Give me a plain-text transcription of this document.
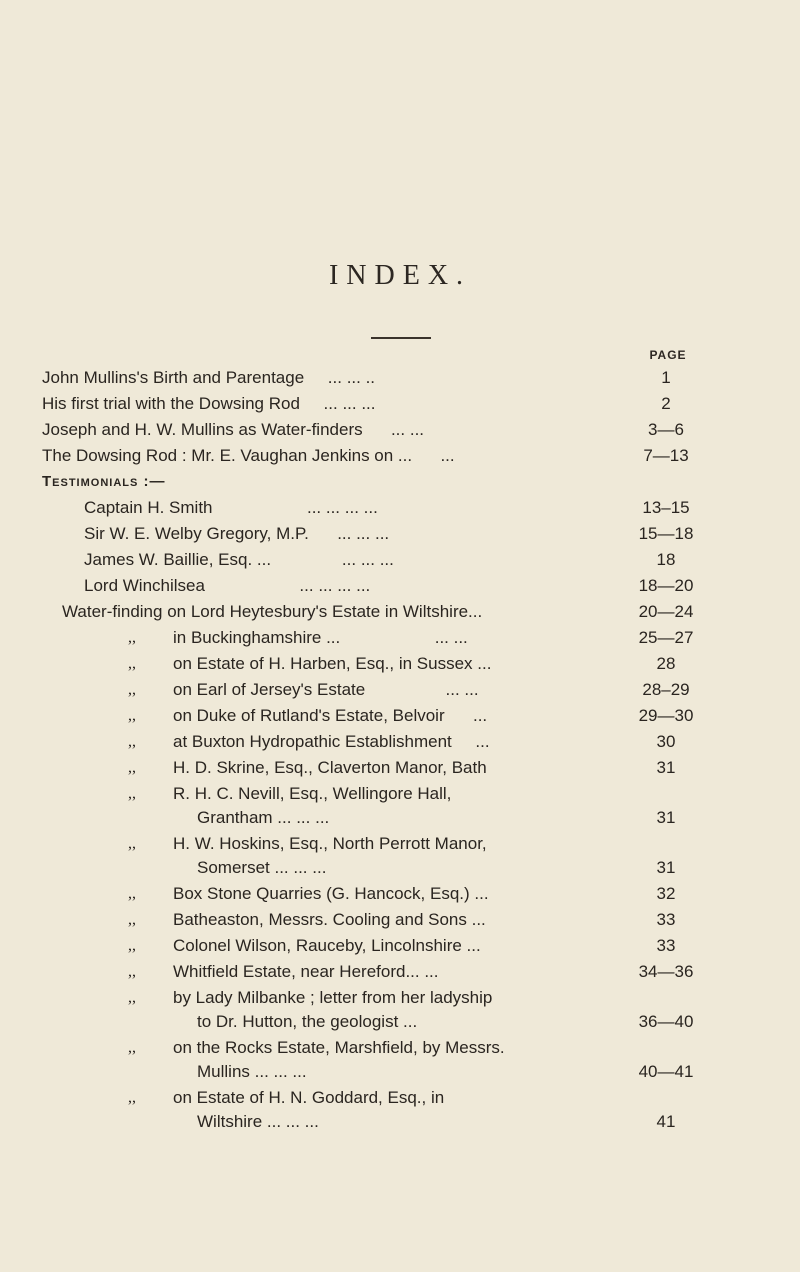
INDEX.
PAGE
John Mullins's Birth and Parentage ... ... ..	1
His first trial with the Dowsing Rod ... ... ...	2
Joseph and H. W. Mullins as Water-finders ... ...	3—6
The Dowsing Rod : Mr. E. Vaughan Jenkins on ... ...	7—13
Testimonials :—
Captain H. Smith	... ... ... ...	13–15
Sir W. E. Welby Gregory, M.P. ... ... ...	15—18
James W. Baillie, Esq. ...	... ... ...	18
Lord Winchilsea	... ... ... ...	18—20
Water-finding on Lord Heytesbury's Estate in Wiltshire...	20—24
,, in Buckinghamshire ...	... ...	25—27
,, on Estate of H. Harben, Esq., in Sussex ...	28
,, on Earl of Jersey's Estate	... ...	28–29
,, on Duke of Rutland's Estate, Belvoir ...	29—30
,, at Buxton Hydropathic Establishment ...	30
,, H. D. Skrine, Esq., Claverton Manor, Bath	31
,, R. H. C. Nevill, Esq., Wellingore Hall,
Grantham ... ... ...	31
,, H. W. Hoskins, Esq., North Perrott Manor,
Somerset ... ... ...	31
,, Box Stone Quarries (G. Hancock, Esq.) ...	32
,, Batheaston, Messrs. Cooling and Sons ...	33
,, Colonel Wilson, Rauceby, Lincolnshire ...	33
,, Whitfield Estate, near Hereford... ...	34—36
,, by Lady Milbanke ; letter from her ladyship
to Dr. Hutton, the geologist ...	36—40
,, on the Rocks Estate, Marshfield, by Messrs.
Mullins ... ... ...	40—41
,, on Estate of H. N. Goddard, Esq., in
Wiltshire ... ... ...	41
